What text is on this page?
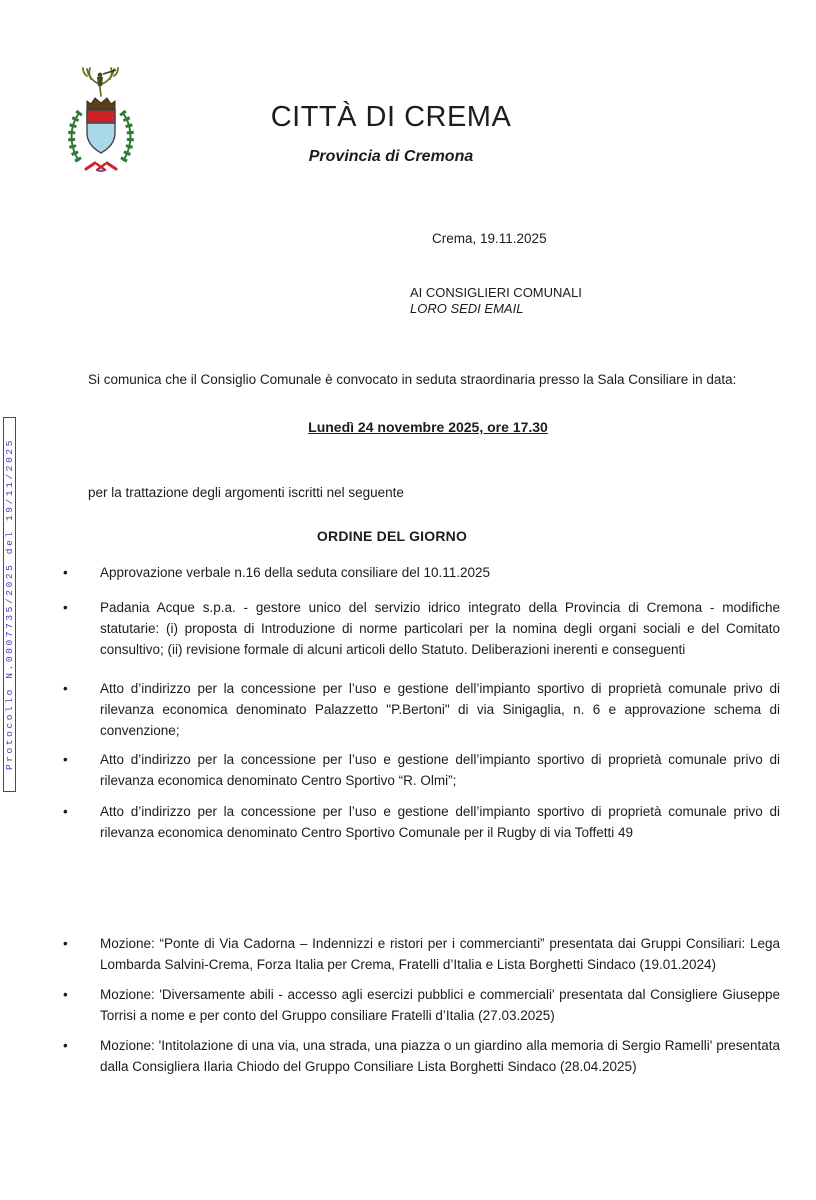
Protocollo N.0007735/2025 del 19/11/2025
CITTÀ DI CREMA
Provincia di Cremona
Crema, 19.11.2025
AI CONSIGLIERI COMUNALI
LORO SEDI EMAIL

Si comunica che il Consiglio Comunale è convocato in seduta straordinaria presso la Sala Consiliare in data:

Lunedì 24 novembre 2025, ore 17.30
per la trattazione degli argomenti iscritti nel seguente
ORDINE DEL GIORNO
• Approvazione verbale n.16 della seduta consiliare del 10.11.2025
• Padania Acque s.p.a. - gestore unico del servizio idrico integrato della Provincia di Cremona - modifiche statutarie: (i) proposta di Introduzione di norme particolari per la nomina degli organi sociali e del Comitato consultivo; (ii) revisione formale di alcuni articoli dello Statuto. Deliberazioni inerenti e conseguenti
• Atto d’indirizzo per la concessione per l’uso e gestione dell’impianto sportivo di proprietà comunale privo di rilevanza economica denominato Palazzetto "P.Bertoni" di via Sinigaglia, n. 6 e approvazione schema di convenzione;
• Atto d’indirizzo per la concessione per l’uso e gestione dell’impianto sportivo di proprietà comunale privo di rilevanza economica denominato Centro Sportivo “R. Olmi”;
• Atto d’indirizzo per la concessione per l’uso e gestione dell’impianto sportivo di proprietà comunale privo di rilevanza economica denominato Centro Sportivo Comunale per il Rugby di via Toffetti 49
• Mozione: “Ponte di Via Cadorna – Indennizzi e ristori per i commercianti” presentata dai Gruppi Consiliari: Lega Lombarda Salvini-Crema, Forza Italia per Crema, Fratelli d’Italia e Lista Borghetti Sindaco (19.01.2024)
• Mozione: 'Diversamente abili - accesso agli esercizi pubblici e commerciali' presentata dal Consigliere Giuseppe Torrisi a nome e per conto del Gruppo consiliare Fratelli d’Italia (27.03.2025)
• Mozione: 'Intitolazione di una via, una strada, una piazza o un giardino alla memoria di Sergio Ramelli' presentata dalla Consigliera Ilaria Chiodo del Gruppo Consiliare Lista Borghetti Sindaco (28.04.2025)
